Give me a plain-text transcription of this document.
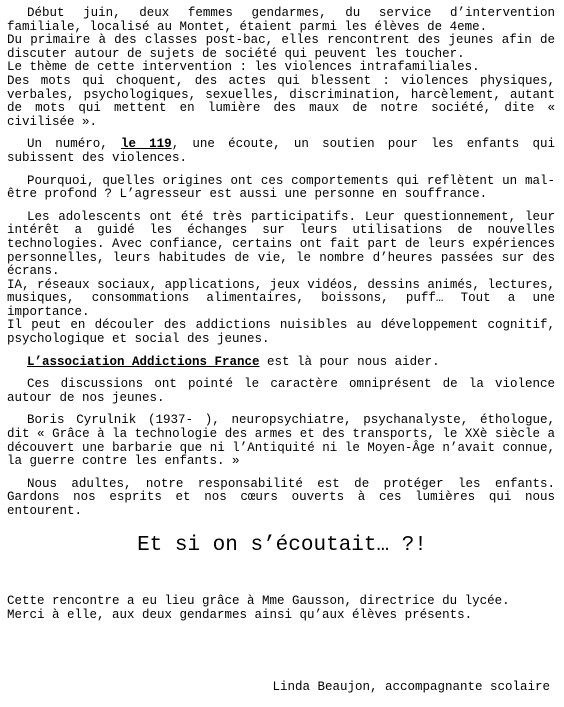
Début juin, deux femmes gendarmes, du service d’intervention familiale, localisé au Montet, étaient parmi les élèves de 4eme.

Du primaire à des classes post-bac, elles rencontrent des jeunes afin de discuter autour de sujets de société qui peuvent les toucher.

Le thème de cette intervention : les violences intrafamiliales.

Des mots qui choquent, des actes qui blessent : violences physiques, verbales, psychologiques, sexuelles, discrimination, harcèlement, autant de mots qui mettent en lumière des maux de notre société, dite « civilisée ».

Un numéro, le 119, une écoute, un soutien pour les enfants qui subissent des violences.

Pourquoi, quelles origines ont ces comportements qui reflètent un mal-être profond ? L’agresseur est aussi une personne en souffrance.

Les adolescents ont été très participatifs. Leur questionnement, leur intérêt a guidé les échanges sur leurs utilisations de nouvelles technologies. Avec confiance, certains ont fait part de leurs expériences personnelles, leurs habitudes de vie, le nombre d’heures passées sur des écrans.

IA, réseaux sociaux, applications, jeux vidéos, dessins animés, lectures, musiques, consommations alimentaires, boissons, puff… Tout a une importance.

Il peut en découler des addictions nuisibles au développement cognitif, psychologique et social des jeunes.

L’association Addictions France est là pour nous aider.

Ces discussions ont pointé le caractère omniprésent de la violence autour de nos jeunes.

Boris Cyrulnik (1937- ), neuropsychiatre, psychanalyste, éthologue, dit « Grâce à la technologie des armes et des transports, le XXè siècle a découvert une barbarie que ni l’Antiquité ni le Moyen-Âge n’avait connue, la guerre contre les enfants. »

Nous adultes, notre responsabilité est de protéger les enfants. Gardons nos esprits et nos cœurs ouverts à ces lumières qui nous entourent.

Et si on s’écoutait… ?!

Cette rencontre a eu lieu grâce à Mme Gausson, directrice du lycée.

Merci à elle, aux deux gendarmes ainsi qu’aux élèves présents.

Linda Beaujon, accompagnante scolaire
